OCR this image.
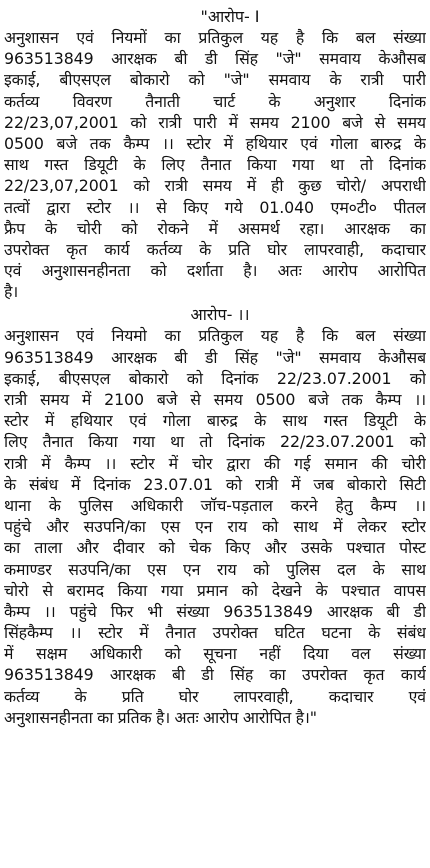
"आरोप- I
अनुशासन एवं नियमों का प्रतिकुल यह है कि बल संख्या
963513849 आरक्षक बी डी सिंह "जे" समवाय केऔसब
इकाई, बीएसएल बोकारो को "जे" समवाय के रात्री पारी
कर्तव्य विवरण तैनाती चार्ट के अनुशार दिनांक
22/23,07,2001 को रात्री पारी में समय 2100 बजे से समय
0500 बजे तक कैम्प ।। स्टोर में हथियार एवं गोला बारुद्र के
साथ गस्त डियूटी के लिए तैनात किया गया था तो दिनांक
22/23,07,2001 को रात्री समय में ही कुछ चोरो/ अपराधी
तत्वों द्वारा स्टोर ।। से किए गये 01.040 एम०टी० पीतल
फ्रैप के चोरी को रोकने में असमर्थ रहा। आरक्षक का
उपरोक्त कृत कार्य कर्तव्य के प्रति घोर लापरवाही, कदाचार
एवं अनुशासनहीनता को दर्शाता है। अतः आरोप आरोपित
है।
आरोप- ।।
अनुशासन एवं नियमो का प्रतिकुल यह है कि बल संख्या
963513849 आरक्षक बी डी सिंह "जे" समवाय केऔसब
इकाई, बीएसएल बोकारो को दिनांक 22/23.07.2001 को
रात्री समय में 2100 बजे से समय 0500 बजे तक कैम्प ।।
स्टोर में हथियार एवं गोला बारुद्र के साथ गस्त डियूटी के
लिए तैनात किया गया था तो दिनांक 22/23.07.2001 को
रात्री में कैम्प ।। स्टोर में चोर द्वारा की गई समान की चोरी
के संबंध में दिनांक 23.07.01 को रात्री में जब बोकारो सिटी
थाना के पुलिस अधिकारी जॉच-पड़ताल करने हेतु कैम्प ।।
पहुंचे और सउपनि/का एस एन राय को साथ में लेकर स्टोर
का ताला और दीवार को चेक किए और उसके पश्चात पोस्ट
कमाण्डर सउपनि/का एस एन राय को पुलिस दल के साथ
चोरो से बरामद किया गया प्रमान को देखने के पश्चात वापस
कैम्प ।। पहुंचे फिर भी संख्या 963513849 आरक्षक बी डी
सिंहकैम्प ।। स्टोर में तैनात उपरोक्त घटित घटना के संबंध
में सक्षम अधिकारी को सूचना नहीं दिया वल संख्या
963513849 आरक्षक बी डी सिंह का उपरोक्त कृत कार्य
कर्तव्य के प्रति घोर लापरवाही, कदाचार एवं
अनुशासनहीनता का प्रतिक है। अतः आरोप आरोपित है।"
